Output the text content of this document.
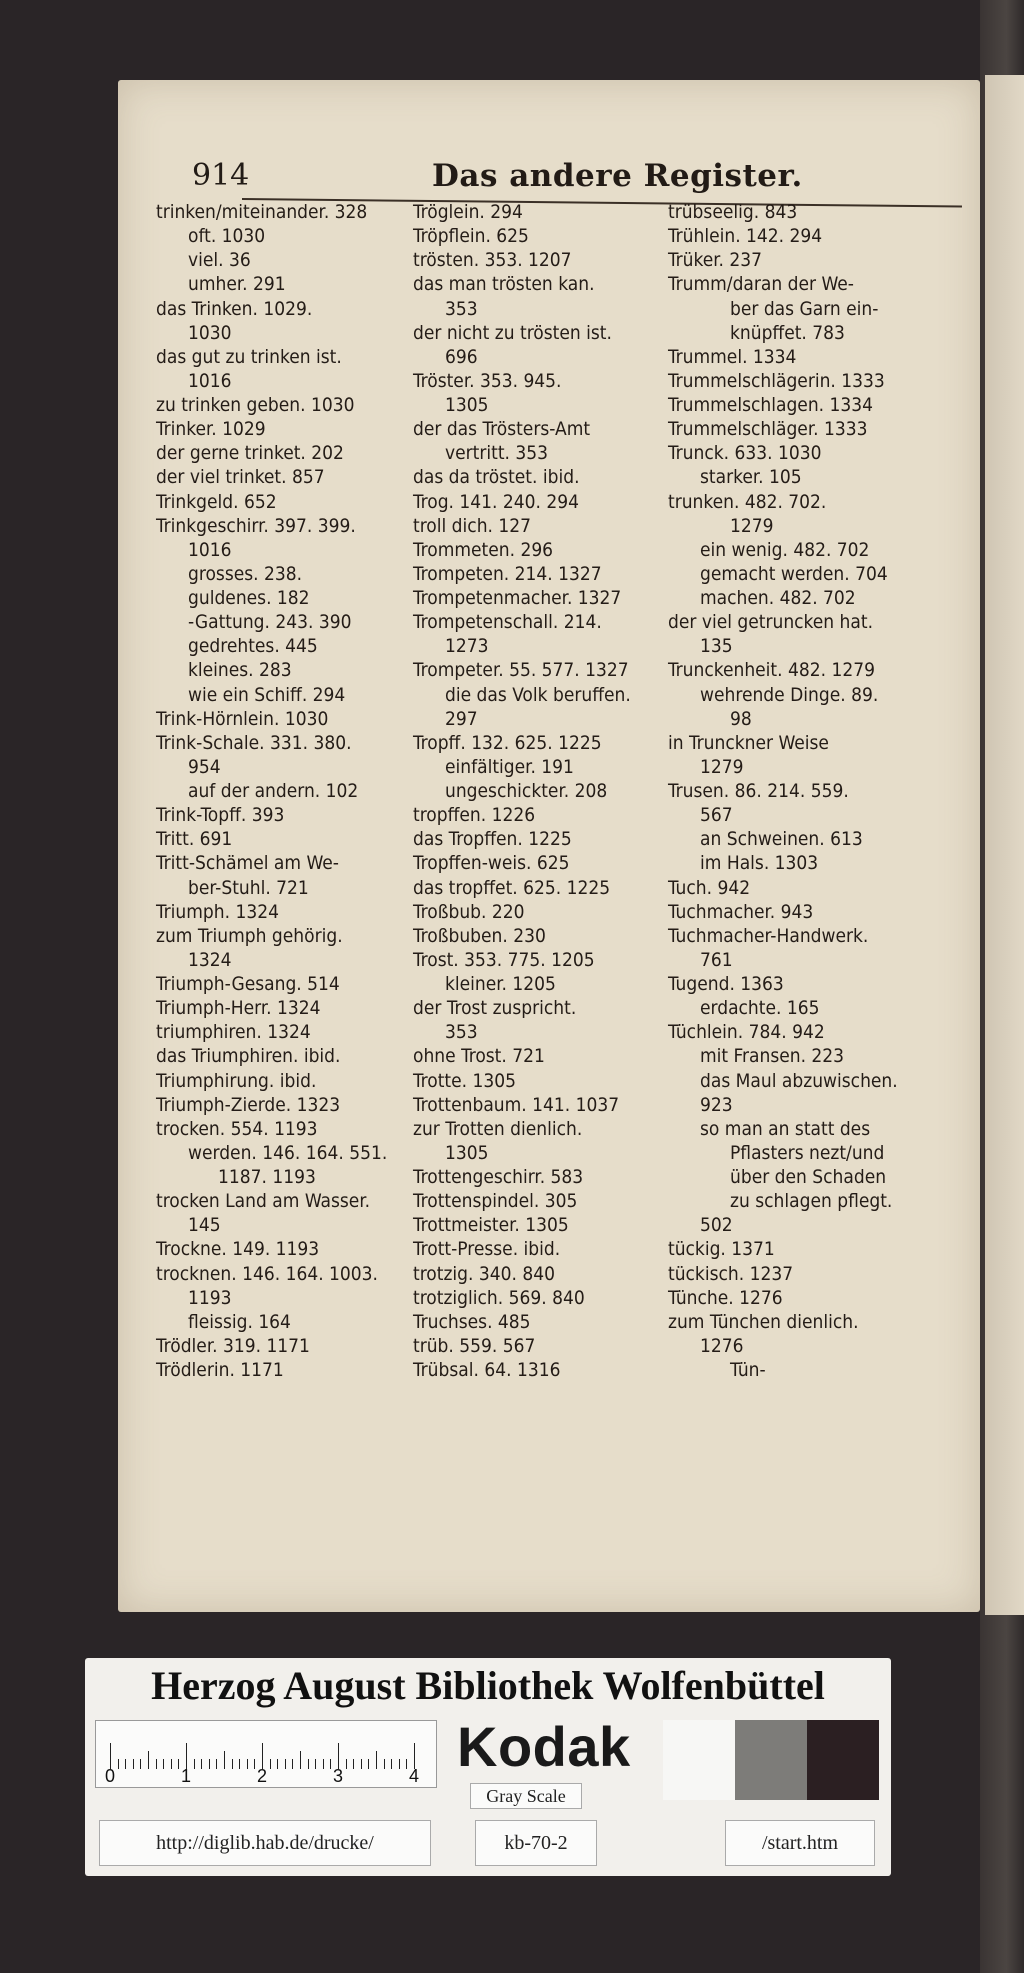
914	Das andere Register.
trinken/miteinander. 328
oft. 1030
viel. 36
umher. 291
das Trinken. 1029.
1030
das gut zu trinken ist.
1016
zu trinken geben. 1030
Trinker. 1029
der gerne trinket. 202
der viel trinket. 857
Trinkgeld. 652
Trinkgeschirr. 397. 399.
1016
grosses. 238.
guldenes. 182
-Gattung. 243. 390
gedrehtes. 445
kleines. 283
wie ein Schiff. 294
Trink-Hörnlein. 1030
Trink-Schale. 331. 380.
954
auf der andern. 102
Trink-Topff. 393
Tritt. 691
Tritt-Schämel am We-
ber-Stuhl. 721
Triumph. 1324
zum Triumph gehörig.
1324
Triumph-Gesang. 514
Triumph-Herr. 1324
triumphiren. 1324
das Triumphiren. ibid.
Triumphirung. ibid.
Triumph-Zierde. 1323
trocken. 554. 1193
werden. 146. 164. 551.
1187. 1193
trocken Land am Wasser.
145
Trockne. 149. 1193
trocknen. 146. 164. 1003.
1193
fleissig. 164
Trödler. 319. 1171
Trödlerin. 1171
Tröglein. 294
Tröpflein. 625
trösten. 353. 1207
das man trösten kan.
353
der nicht zu trösten ist.
696
Tröster. 353. 945.
1305
der das Trösters-Amt
vertritt. 353
das da tröstet. ibid.
Trog. 141. 240. 294
troll dich. 127
Trommeten. 296
Trompeten. 214. 1327
Trompetenmacher. 1327
Trompetenschall. 214.
1273
Trompeter. 55. 577. 1327
die das Volk beruffen.
297
Tropff. 132. 625. 1225
einfältiger. 191
ungeschickter. 208
tropffen. 1226
das Tropffen. 1225
Tropffen-weis. 625
das tropffet. 625. 1225
Troßbub. 220
Troßbuben. 230
Trost. 353. 775. 1205
kleiner. 1205
der Trost zuspricht.
353
ohne Trost. 721
Trotte. 1305
Trottenbaum. 141. 1037
zur Trotten dienlich.
1305
Trottengeschirr. 583
Trottenspindel. 305
Trottmeister. 1305
Trott-Presse. ibid.
trotzig. 340. 840
trotziglich. 569. 840
Truchses. 485
trüb. 559. 567
Trübsal. 64. 1316
trübseelig. 843
Trühlein. 142. 294
Trüker. 237
Trumm/daran der We-
ber das Garn ein-
knüpffet. 783
Trummel. 1334
Trummelschlägerin. 1333
Trummelschlagen. 1334
Trummelschläger. 1333
Trunck. 633. 1030
starker. 105
trunken. 482. 702.
1279
ein wenig. 482. 702
gemacht werden. 704
machen. 482. 702
der viel getruncken hat.
135
Trunckenheit. 482. 1279
wehrende Dinge. 89.
98
in Trunckner Weise
1279
Trusen. 86. 214. 559.
567
an Schweinen. 613
im Hals. 1303
Tuch. 942
Tuchmacher. 943
Tuchmacher-Handwerk.
761
Tugend. 1363
erdachte. 165
Tüchlein. 784. 942
mit Fransen. 223
das Maul abzuwischen.
923
so man an statt des
Pflasters nezt/und
über den Schaden
zu schlagen pflegt.
502
tückig. 1371
tückisch. 1237
Tünche. 1276
zum Tünchen dienlich.
1276
Tün-
Herzog August Bibliothek Wolfenbüttel
0	1	2	3	4 Kodak
Gray Scale
http://diglib.hab.de/drucke/	kb-70-2	/start.htm
